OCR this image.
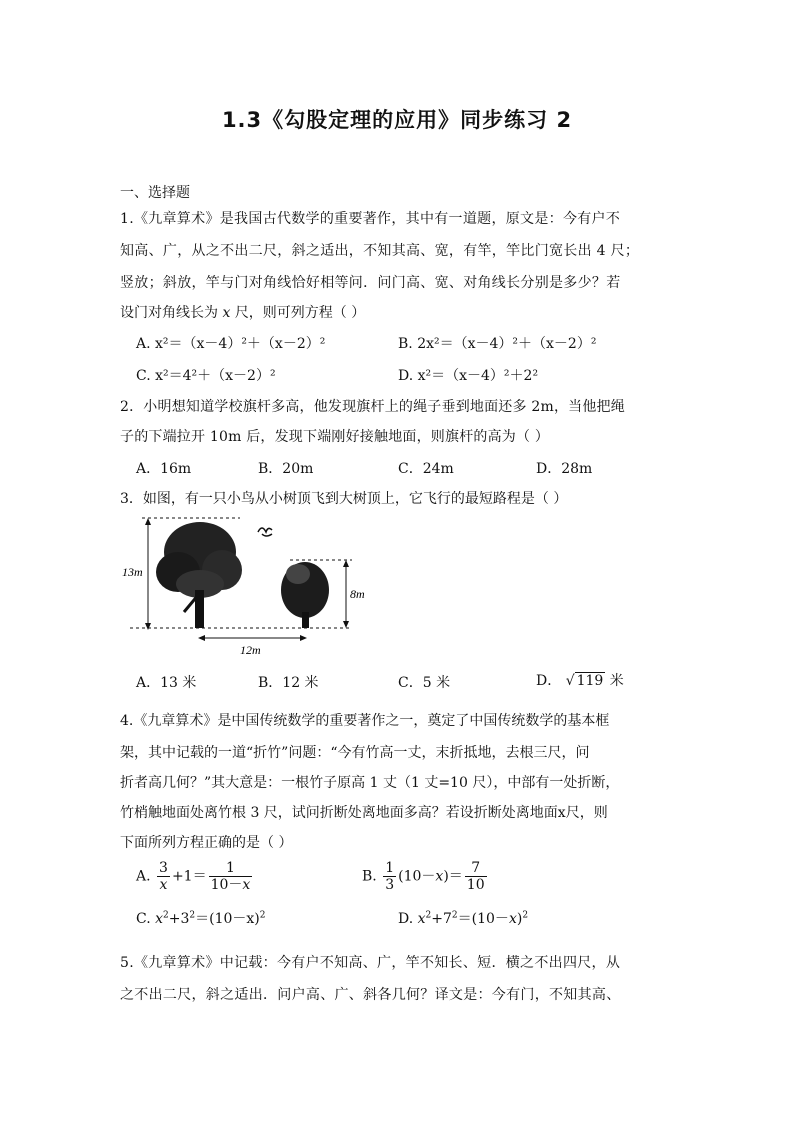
1.3《勾股定理的应用》同步练习 2
一、选择题
1.《九章算术》是我国古代数学的重要著作，其中有一道题，原文是：今有户不
知高、广，从之不出二尺，斜之适出，不知其高、宽，有竿，竿比门宽长出 4 尺；
竖放；斜放，竿与门对角线恰好相等问．问门高、宽、对角线长分别是多少？若
设门对角线长为 x 尺，则可列方程（ ）
A. x²＝（x－4）²＋（x－2）²	B. 2x²＝（x－4）²＋（x－2）²
C. x²＝4²＋（x－2）²	D. x²＝（x－4）²＋2²
2．小明想知道学校旗杆多高，他发现旗杆上的绳子垂到地面还多 2m，当他把绳
子的下端拉开 10m 后，发现下端刚好接触地面，则旗杆的高为（ ）
A．16m	B．20m	C．24m	D．28m
3．如图，有一只小鸟从小树顶飞到大树顶上，它飞行的最短路程是（ ）
13m
8m
12m
A．13 米	B．12 米	C．5 米	D． √ 119 米
4.《九章算术》是中国传统数学的重要著作之一，奠定了中国传统数学的基本框
架，其中记载的一道“折竹”问题：“今有竹高一丈，末折抵地，去根三尺，问
折者高几何？”其大意是：一根竹子原高 1 丈（1 丈=10 尺），中部有一处折断，
竹梢触地面处离竹根 3 尺，试问折断处离地面多高？若设折断处离地面x尺，则
下面所列方程正确的是（ ）
A. $\frac{3}{x} +1= \frac{1}{10-x}$	B. $\frac{1}{3} (10-x)= \frac{7}{10}$
C. $x^2+3^2=(10-x)^2$	D. $x^2+7^2=(10-x)^2$
5.《九章算术》中记载：今有户不知高、广，竿不知长、短．横之不出四尺，从
之不出二尺，斜之适出．问户高、广、斜各几何？译文是：今有门，不知其高、
